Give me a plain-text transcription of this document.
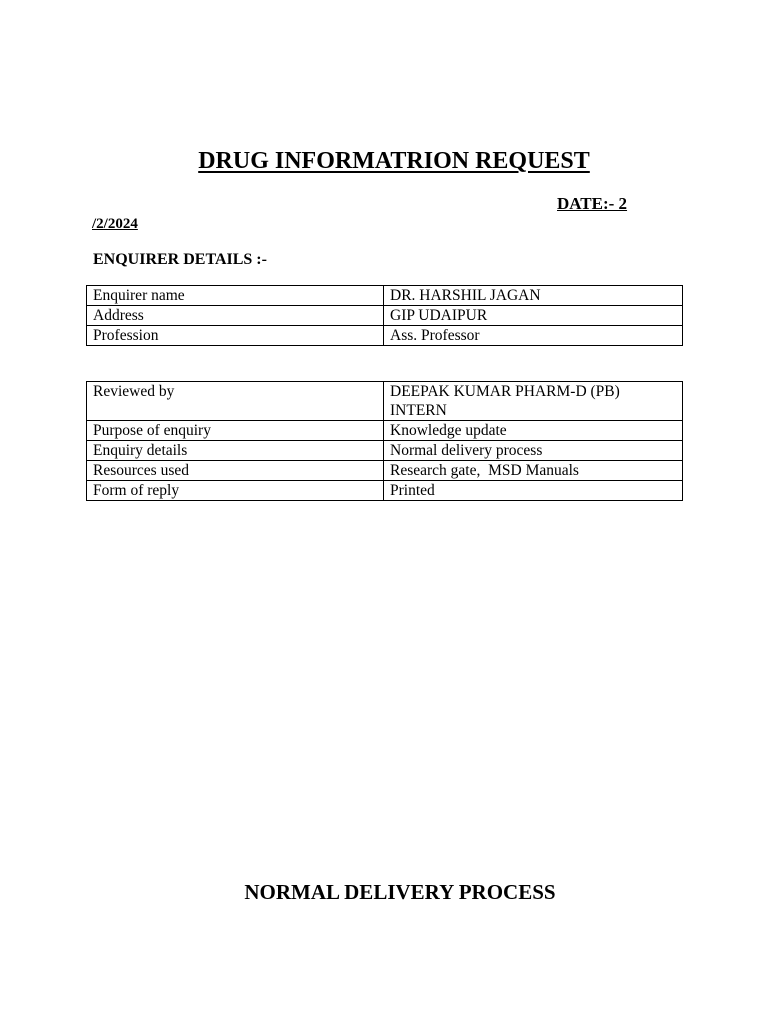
DRUG INFORMATRION REQUEST
DATE:- 2
/2/2024
ENQUIRER DETAILS :-
Enquirer name	DR. HARSHIL JAGAN
Address	GIP UDAIPUR
Profession	Ass. Professor
Reviewed by	DEEPAK KUMAR PHARM-D (PB)
INTERN

Purpose of enquiry	Knowledge update
Enquiry details	Normal delivery process
Resources used	Research gate,  MSD Manuals
Form of reply	Printed
NORMAL DELIVERY PROCESS
